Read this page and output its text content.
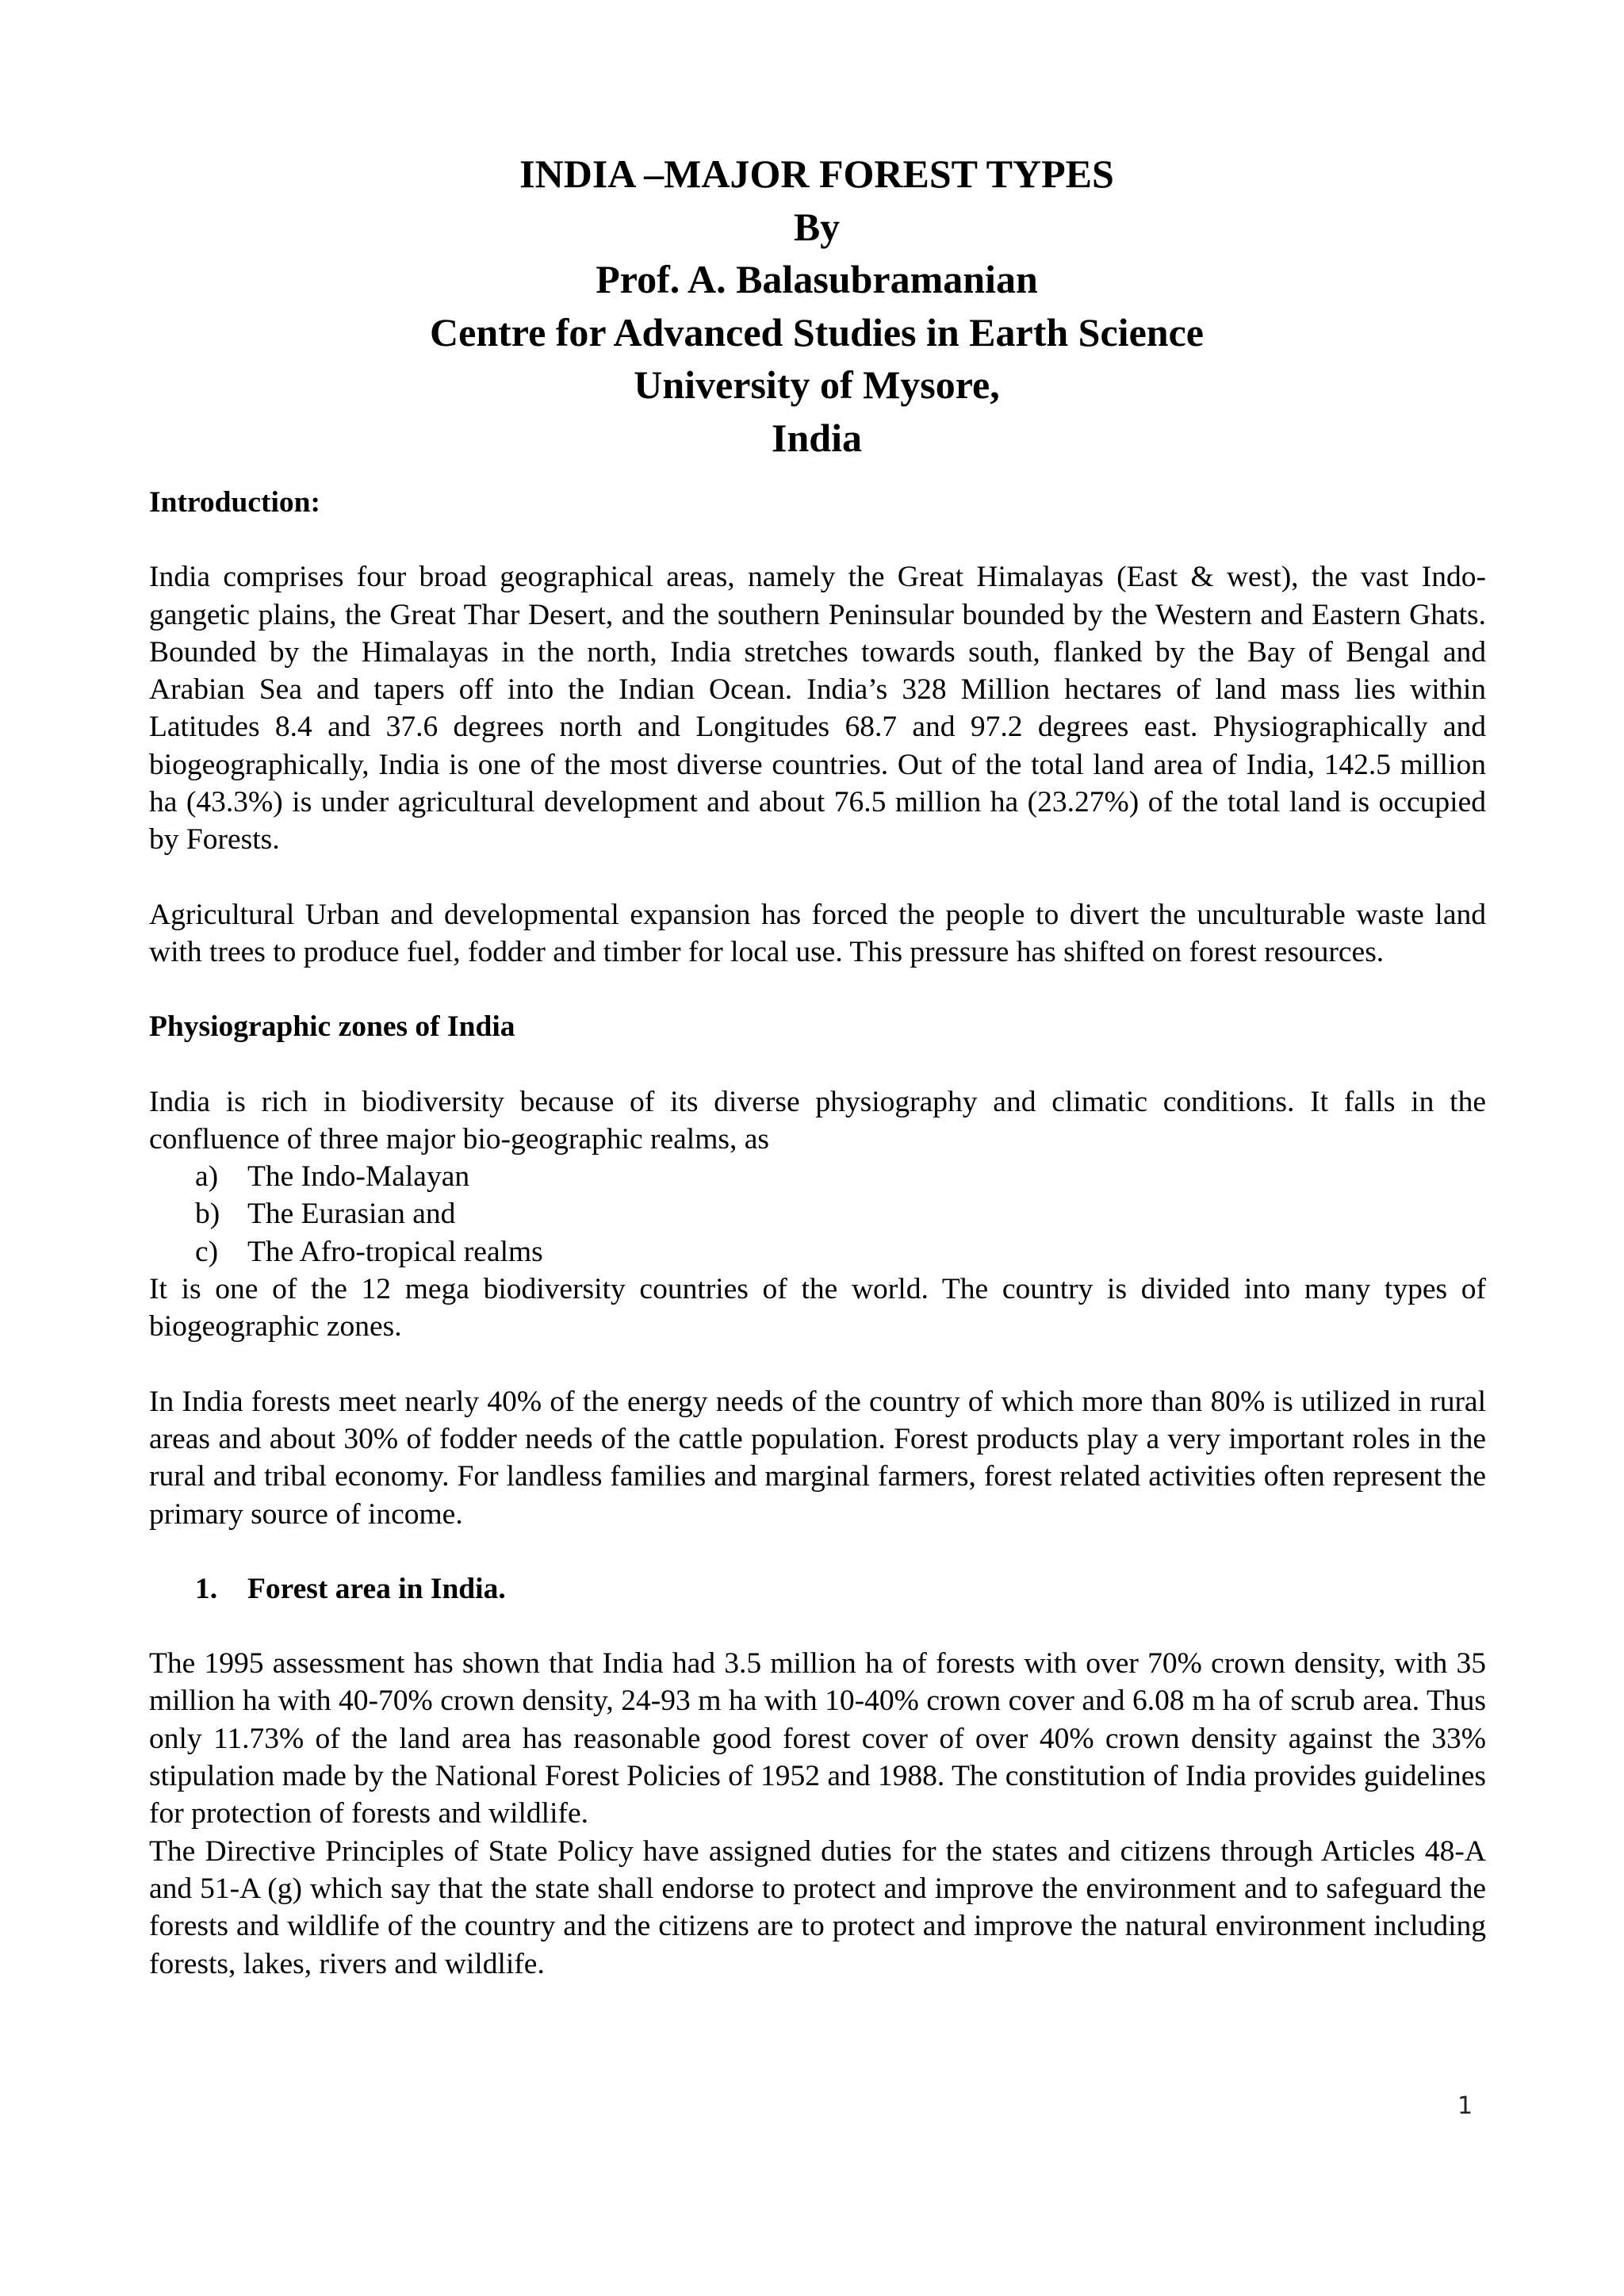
INDIA –MAJOR FOREST TYPES
By
Prof. A. Balasubramanian
Centre for Advanced Studies in Earth Science
University of Mysore,
India

Introduction:

India comprises four broad geographical areas, namely the Great Himalayas (East & west), the vast Indo-gangetic plains, the Great Thar Desert, and the southern Peninsular bounded by the Western and Eastern Ghats. Bounded by the Himalayas in the north, India stretches towards south, flanked by the Bay of Bengal and Arabian Sea and tapers off into the Indian Ocean. India’s 328 Million hectares of land mass lies within Latitudes 8.4 and 37.6 degrees north and Longitudes 68.7 and 97.2 degrees east. Physiographically and biogeographically, India is one of the most diverse countries. Out of the total land area of India, 142.5 million ha (43.3%) is under agricultural development and about 76.5 million ha (23.27%) of the total land is occupied by Forests.

Agricultural Urban and developmental expansion has forced the people to divert the unculturable waste land with trees to produce fuel, fodder and timber for local use. This pressure has shifted on forest resources.

Physiographic zones of India

India is rich in biodiversity because of its diverse physiography and climatic conditions. It falls in the confluence of three major bio-geographic realms, as

a) The Indo-Malayan
b) The Eurasian and
c) The Afro-tropical realms

It is one of the 12 mega biodiversity countries of the world. The country is divided into many types of biogeographic zones.

In India forests meet nearly 40% of the energy needs of the country of which more than 80% is utilized in rural areas and about 30% of fodder needs of the cattle population. Forest products play a very important roles in the rural and tribal economy. For landless families and marginal farmers, forest related activities often represent the primary source of income.

1. Forest area in India.

The 1995 assessment has shown that India had 3.5 million ha of forests with over 70% crown density, with 35 million ha with 40-70% crown density, 24-93 m ha with 10-40% crown cover and 6.08 m ha of scrub area. Thus only 11.73% of the land area has reasonable good forest cover of over 40% crown density against the 33% stipulation made by the National Forest Policies of 1952 and 1988. The constitution of India provides guidelines for protection of forests and wildlife.

The Directive Principles of State Policy have assigned duties for the states and citizens through Articles 48-A and 51-A (g) which say that the state shall endorse to protect and improve the environment and to safeguard the forests and wildlife of the country and the citizens are to protect and improve the natural environment including forests, lakes, rivers and wildlife.

1
